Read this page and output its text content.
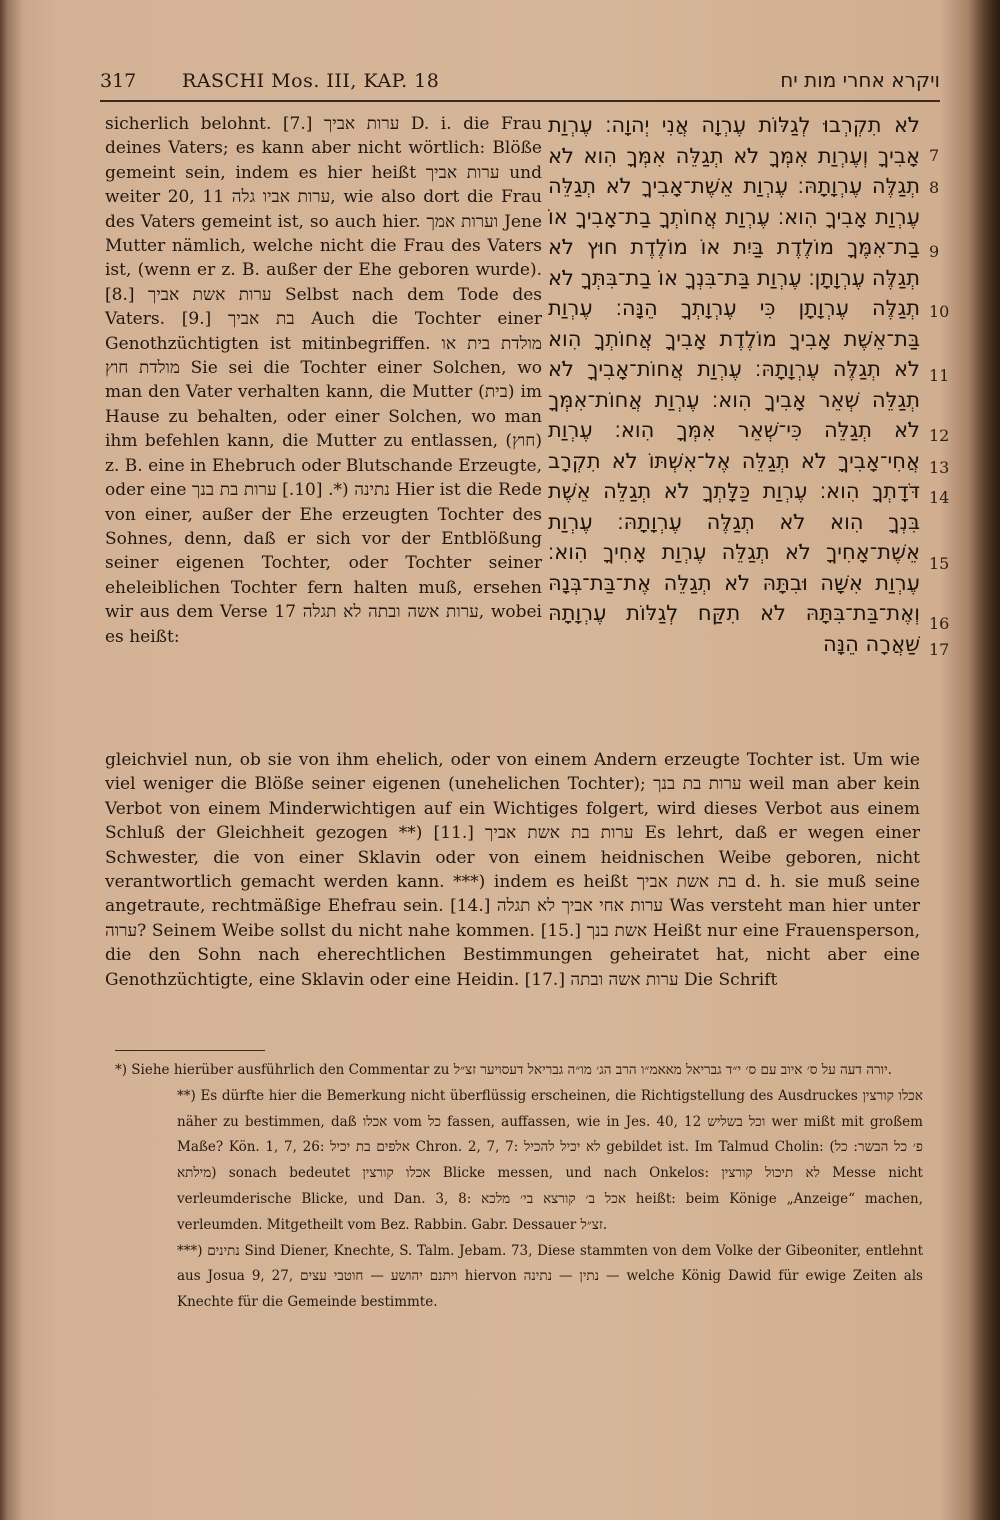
317 RASCHI Mos. III, KAP. 18	ויקרא אחרי מות יח

sicherlich belohnt. [7.] ערות אביך D. i. die Frau deines Vaters; es kann aber nicht wörtlich: Blöße gemeint sein, indem es hier heißt ערות אביך und weiter 20, 11 ערות אביו גלה, wie also dort die Frau des Vaters gemeint ist, so auch hier. וערות אמך Jene Mutter nämlich, welche nicht die Frau des Vaters ist, (wenn er z. B. außer der Ehe geboren wurde). [8.] ערות אשת אביך Selbst nach dem Tode des Vaters. [9.] בת אביך Auch die Tochter einer Genothzüchtigten ist mitinbegriffen. מולדת בית או מולדת חוץ Sie sei die Tochter einer Solchen, wo man den Vater verhalten kann, die Mutter (בית) im Hause zu behalten, oder einer Solchen, wo man ihm befehlen kann, die Mutter zu entlassen, (חוץ) z. B. eine in Ehebruch oder Blutschande Erzeugte, oder eine נתינה (*. [10.] ערות בת בנך Hier ist die Rede von einer, außer der Ehe erzeugten Tochter des Sohnes, denn, daß er sich vor der Entblößung seiner eigenen Tochter, oder Tochter seiner eheleiblichen Tochter fern halten muß, ersehen wir aus dem Verse 17 ערות אשה ובתה לא תגלה, wobei es heißt:

לֹא תִקְרְבוּ לְגַלּוֹת עֶרְוָה אֲנִי יְהוָה׃ עֶרְוַת אָבִיךָ וְעֶרְוַת אִמְּךָ לֹא תְגַלֵּה אִמְּךָ הִוא לֹא תְגַלֶּה עֶרְוָתָהּ׃ עֶרְוַת אֵשֶׁת־אָבִיךָ לֹא תְגַלֵּה עֶרְוַת אָבִיךָ הִוא׃ עֶרְוַת אֲחוֹתְךָ בַת־אָבִיךָ אוֹ בַת־אִמֶּךָ מוֹלֶדֶת בַּיִת אוֹ מוֹלֶדֶת חוּץ לֹא תְגַלֶּה עֶרְוָתָן׃ עֶרְוַת בַּת־בִּנְךָ אוֹ בַת־בִּתְּךָ לֹא תְגַלֶּה עֶרְוָתָן כִּי עֶרְוָתְךָ הֵנָּה׃ עֶרְוַת בַּת־אֵשֶׁת אָבִיךָ מוֹלֶדֶת אָבִיךָ אֲחוֹתְךָ הִוא לֹא תְגַלֶּה עֶרְוָתָהּ׃ עֶרְוַת אֲחוֹת־אָבִיךָ לֹא תְגַלֵּה שְׁאֵר אָבִיךָ הִוא׃ עֶרְוַת אֲחוֹת־אִמְּךָ לֹא תְגַלֵּה כִּי־שְׁאֵר אִמְּךָ הִוא׃ עֶרְוַת אֲחִי־אָבִיךָ לֹא תְגַלֵּה אֶל־אִשְׁתּוֹ לֹא תִקְרָב דֹּדָתְךָ הִוא׃ עֶרְוַת כַּלָּתְךָ לֹא תְגַלֵּה אֵשֶׁת בִּנְךָ הִוא לֹא תְגַלֶּה עֶרְוָתָהּ׃ עֶרְוַת אֵשֶׁת־אָחִיךָ לֹא תְגַלֵּה עֶרְוַת אָחִיךָ הִוא׃ עֶרְוַת אִשָּׁה וּבִתָּהּ לֹא תְגַלֵּה אֶת־בַּת־בְּנָהּ וְאֶת־בַּת־בִּתָּהּ לֹא תִקַּח לְגַלּוֹת עֶרְוָתָהּ שַׁאֲרָה הֵנָּה

7
8
9
10
11
12
13
14
15
16
17

gleichviel nun, ob sie von ihm ehelich, oder von einem Andern erzeugte Tochter ist. Um wie viel weniger die Blöße seiner eigenen (unehelichen Tochter); ערות בת בנך weil man aber kein Verbot von einem Minderwichtigen auf ein Wichtiges folgert, wird dieses Verbot aus einem Schluß der Gleichheit gezogen **) [11.] ערות בת אשת אביך Es lehrt, daß er wegen einer Schwester, die von einer Sklavin oder von einem heidnischen Weibe geboren, nicht verantwortlich gemacht werden kann. ***) indem es heißt בת אשת אביך d. h. sie muß seine angetraute, rechtmäßige Ehefrau sein. [14.] ערות אחי אביך לא תגלה Was versteht man hier unter ערוה? Seinem Weibe sollst du nicht nahe kommen. [15.] אשת בנך Heißt nur eine Frauensperson, die den Sohn nach eherechtlichen Bestimmungen geheiratet hat, nicht aber eine Genothzüchtigte, eine Sklavin oder eine Heidin. [17.] ערות אשה ובתה Die Schrift

*) Siehe hierüber ausführlich den Commentar zu יורה דעה על ס׳ איוב עם ס׳ י״ד גבריאל מאאמ״ו הרב הג׳ מו״ה גבריאל דעסויער זצ״ל.

**) Es dürfte hier die Bemerkung nicht überflüssig erscheinen, die Richtigstellung des Ausdruckes אכלו קורצין näher zu bestimmen, daß אכלו vom כל fassen, auffassen, wie in Jes. 40, 12 וכל בשליש wer mißt mit großem Maße? Kön. 1, 7, 26: אלפים בת יכיל Chron. 2, 7, 7: לא יכיל להכיל gebildet ist. Im Talmud Cholin: (פ׳ כל הבשר: כל מילתא) sonach bedeutet אכלו קורצין Blicke messen, und nach Onkelos: לא תיכול קורצין Messe nicht verleumderische Blicke, und Dan. 3, 8: אכל ב׳ קורצא בי׳ מלכא heißt: beim Könige „Anzeige“ machen, verleumden. Mitgetheilt vom Bez. Rabbin. Gabr. Dessauer זצ״ל.

***) נתינים Sind Diener, Knechte, S. Talm. Jebam. 73, Diese stammten von dem Volke der Gibeoniter, entlehnt aus Josua 9, 27, ויתנם יהושע — חוטבי עצים hiervon נתין — נתינה — welche König Dawid für ewige Zeiten als Knechte für die Gemeinde bestimmte.
